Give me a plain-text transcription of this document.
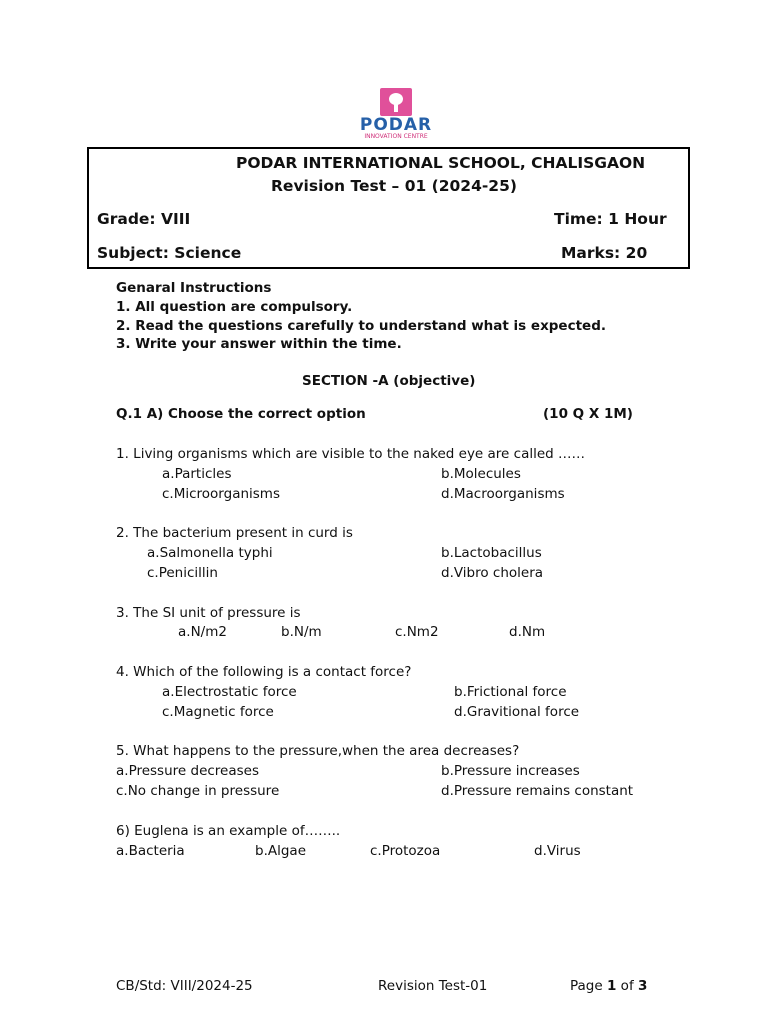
PODAR
INNOVATION CENTRE
PODAR INTERNATIONAL SCHOOL, CHALISGAON
Revision Test – 01 (2024-25)
Grade: VIII	Time: 1 Hour
Subject: Science	Marks: 20
Genaral Instructions
1. All question are compulsory.
2. Read the questions carefully to understand what is expected.
3. Write your answer within the time.
SECTION -A (objective)
Q.1 A) Choose the correct option	(10 Q X 1M)
1. Living organisms which are visible to the naked eye are called ……
a.Particles	b.Molecules
c.Microorganisms	d.Macroorganisms
2. The bacterium present in curd is
a.Salmonella typhi	b.Lactobacillus
c.Penicillin	d.Vibro cholera
3. The SI unit of pressure is
a.N/m2	b.N/m	c.Nm2	d.Nm
4. Which of the following is a contact force?
a.Electrostatic force	b.Frictional force
c.Magnetic force	d.Gravitional force
5. What happens to the pressure,when the area decreases?
a.Pressure decreases	b.Pressure increases
c.No change in pressure	d.Pressure remains constant
6) Euglena is an example of……..
a.Bacteria	b.Algae	c.Protozoa	d.Virus
CB/Std: VIII/2024-25	Revision Test-01	Page 1 of 3
